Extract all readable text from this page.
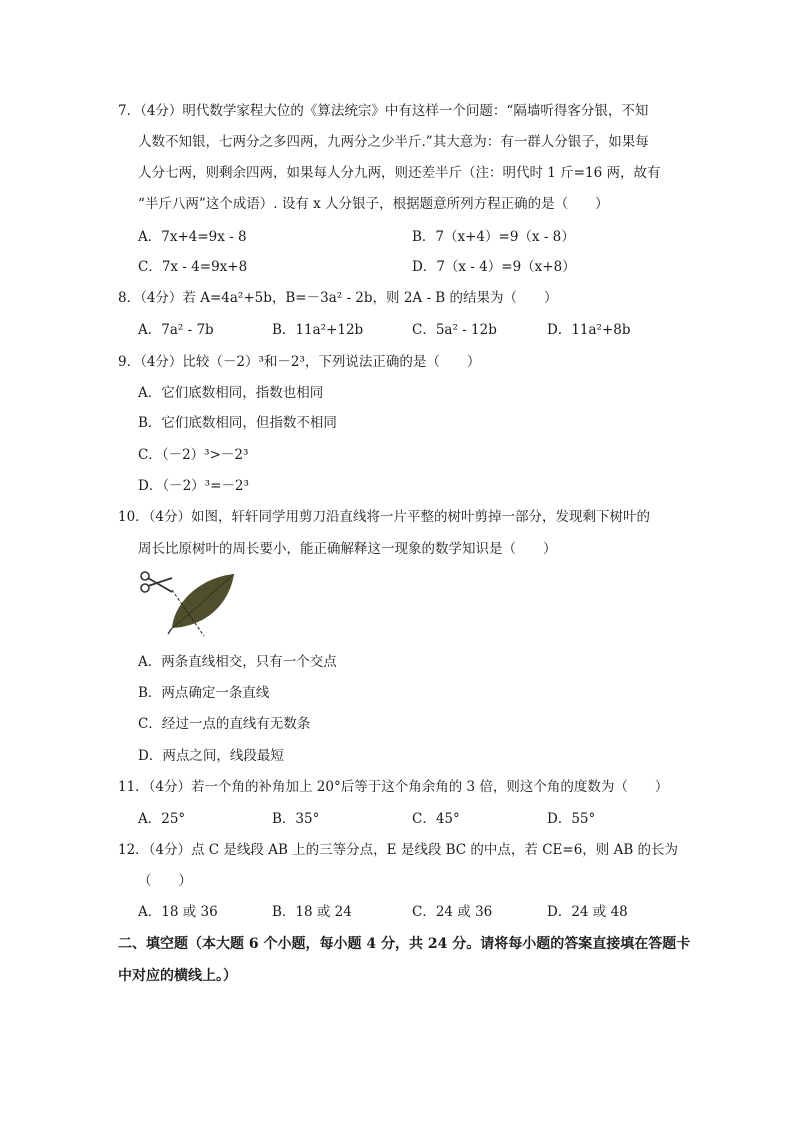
7．（4分）明代数学家程大位的《算法统宗》中有这样一个问题：“隔墙听得客分银，不知
人数不知银，七两分之多四两，九两分之少半斤.”其大意为：有一群人分银子，如果每
人分七两，则剩余四两，如果每人分九两，则还差半斤（注：明代时 1 斤=16 两，故有
“半斤八两”这个成语）. 设有 x 人分银子，根据题意所列方程正确的是（　　）
A．7x+4=9x - 8	B．7（x+4）=9（x - 8）
C．7x - 4=9x+8	D．7（x - 4）=9（x+8）
8．（4分）若 A=4a²+5b，B=－3a² - 2b，则 2A - B 的结果为（　　）
A．7a² - 7b	B．11a²+12b	C．5a² - 12b	D．11a²+8b
9．（4分）比较（－2）³和－2³，下列说法正确的是（　　）
A．它们底数相同，指数也相同
B．它们底数相同，但指数不相同
C．（－2）³>－2³
D．（－2）³=－2³
10．（4分）如图，轩轩同学用剪刀沿直线将一片平整的树叶剪掉一部分，发现剩下树叶的
周长比原树叶的周长要小，能正确解释这一现象的数学知识是（　　）
A．两条直线相交，只有一个交点
B．两点确定一条直线
C．经过一点的直线有无数条
D．两点之间，线段最短
11．（4分）若一个角的补角加上 20°后等于这个角余角的 3 倍，则这个角的度数为（　　）
A．25°	B．35°	C．45°	D．55°
12．（4分）点 C 是线段 AB 上的三等分点，E 是线段 BC 的中点，若 CE=6，则 AB 的长为
（　　）
A．18 或 36	B．18 或 24	C．24 或 36	D．24 或 48
二、填空题（本大题 6 个小题，每小题 4 分，共 24 分。请将每小题的答案直接填在答题卡
中对应的横线上。）
